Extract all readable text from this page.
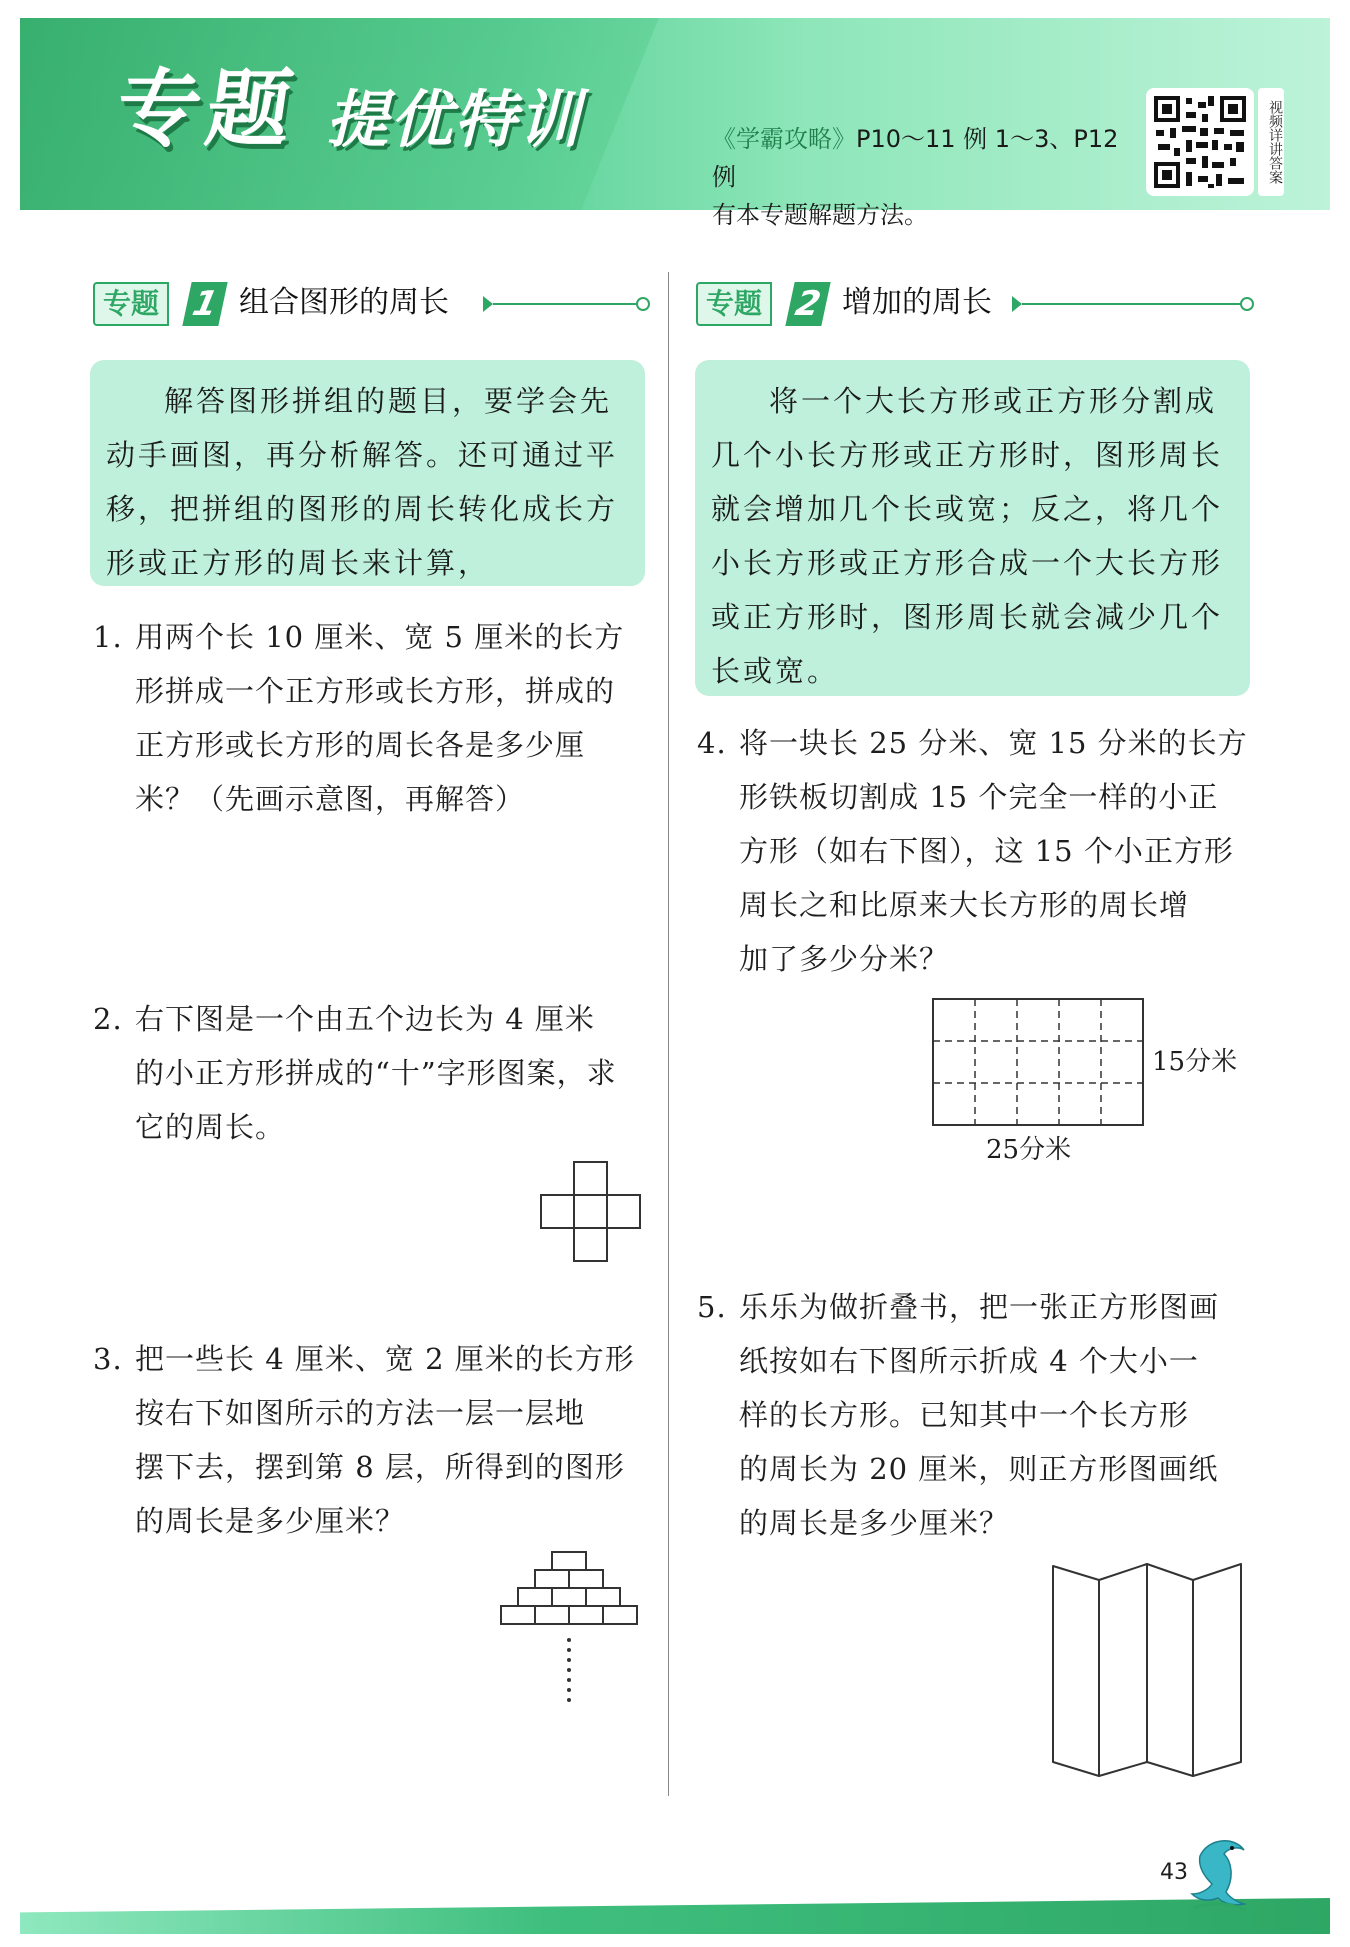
专题 提优特训	《学霸攻略》P10～11 例 1～3、P12 例
有本专题解题方法。
视频详讲答案
专题 1 组合图形的周长	专题 2 增加的周长
解答图形拼组的题目，要学会先动手画图，再分析解答。还可通过平移，把拼组的图形的周长转化成长方形或正方形的周长来计算，
将一个大长方形或正方形分割成几个小长方形或正方形时，图形周长就会增加几个长或宽；反之，将几个小长方形或正方形合成一个大长方形或正方形时，图形周长就会减少几个长或宽。
1. 用两个长 10 厘米、宽 5 厘米的长方
形拼成一个正方形或长方形，拼成的
正方形或长方形的周长各是多少厘
米？（先画示意图，再解答）
2. 右下图是一个由五个边长为 4 厘米
的小正方形拼成的“十”字形图案，求
它的周长。
3. 把一些长 4 厘米、宽 2 厘米的长方形
按右下如图所示的方法一层一层地
摆下去，摆到第 8 层，所得到的图形
的周长是多少厘米？
4. 将一块长 25 分米、宽 15 分米的长方
形铁板切割成 15 个完全一样的小正
方形（如右下图），这 15 个小正方形
周长之和比原来大长方形的周长增
加了多少分米？
15分米
25分米
5. 乐乐为做折叠书，把一张正方形图画
纸按如右下图所示折成 4 个大小一
样的长方形。已知其中一个长方形
的周长为 20 厘米，则正方形图画纸
的周长是多少厘米？
43
